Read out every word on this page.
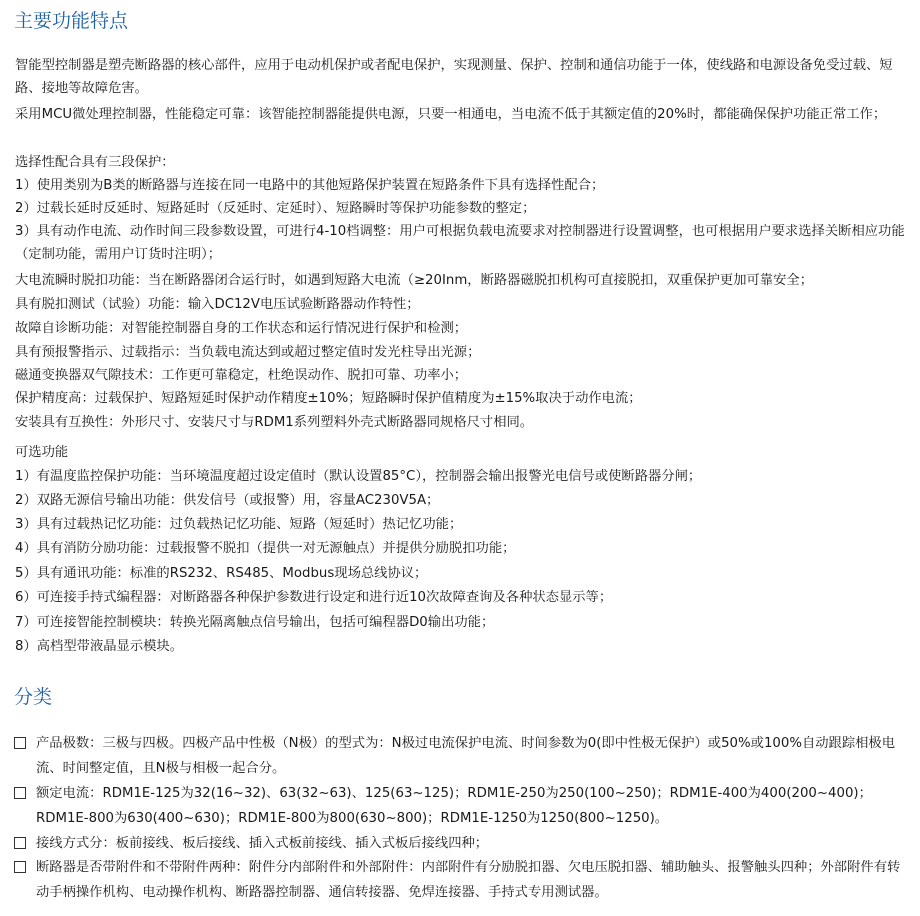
主要功能特点

智能型控制器是塑壳断路器的核心部件，应用于电动机保护或者配电保护，实现测量、保护、控制和通信功能于一体，使线路和电源设备免受过载、短路、接地等故障危害。

采用MCU微处理控制器，性能稳定可靠：该智能控制器能提供电源，只要一相通电，当电流不低于其额定值的20%时，都能确保保护功能正常工作；

选择性配合具有三段保护：

1）使用类别为B类的断路器与连接在同一电路中的其他短路保护装置在短路条件下具有选择性配合；

2）过载长延时反延时、短路延时（反延时、定延时）、短路瞬时等保护功能参数的整定；

3）具有动作电流、动作时间三段参数设置，可进行4-10档调整：用户可根据负载电流要求对控制器进行设置调整，也可根据用户要求选择关断相应功能（定制功能，需用户订货时注明）；

大电流瞬时脱扣功能：当在断路器闭合运行时，如遇到短路大电流（≥20Inm，断路器磁脱扣机构可直接脱扣，双重保护更加可靠安全；

具有脱扣测试（试验）功能：输入DC12V电压试验断路器动作特性；

故障自诊断功能：对智能控制器自身的工作状态和运行情况进行保护和检测；

具有预报警指示、过载指示：当负载电流达到或超过整定值时发光柱导出光源；

磁通变换器双气隙技术：工作更可靠稳定，杜绝误动作、脱扣可靠、功率小；

保护精度高：过载保护、短路短延时保护动作精度±10%；短路瞬时保护值精度为±15%取决于动作电流；

安装具有互换性：外形尺寸、安装尺寸与RDM1系列塑料外壳式断路器同规格尺寸相同。

可选功能

1）有温度监控保护功能：当环境温度超过设定值时（默认设置85°C），控制器会输出报警光电信号或使断路器分闸；

2）双路无源信号输出功能：供发信号（或报警）用，容量AC230V5A；

3）具有过载热记忆功能：过负载热记忆功能、短路（短延时）热记忆功能；

4）具有消防分励功能：过载报警不脱扣（提供一对无源触点）并提供分励脱扣功能；

5）具有通讯功能：标准的RS232、RS485、Modbus现场总线协议；

6）可连接手持式编程器：对断路器各种保护参数进行设定和进行近10次故障查询及各种状态显示等；

7）可连接智能控制模块：转换光隔离触点信号输出，包括可编程器D0输出功能；

8）高档型带液晶显示模块。

分类
产品极数：三极与四极。四极产品中性极（N极）的型式为：N极过电流保护电流、时间参数为0(即中性极无保护）或50%或100%自动跟踪相极电流、时间整定值，且N极与相极一起合分。
额定电流：RDM1E-125为32(16~32)、63(32~63)、125(63~125)；RDM1E-250为250(100~250)；RDM1E-400为400(200~400)；RDM1E-800为630(400~630)；RDM1E-800为800(630~800)；RDM1E-1250为1250(800~1250)。
接线方式分：板前接线、板后接线、插入式板前接线、插入式板后接线四种；
断路器是否带附件和不带附件两种：附件分内部附件和外部附件：内部附件有分励脱扣器、欠电压脱扣器、辅助触头、报警触头四种；外部附件有转动手柄操作机构、电动操作机构、断路器控制器、通信转接器、免焊连接器、手持式专用测试器。
